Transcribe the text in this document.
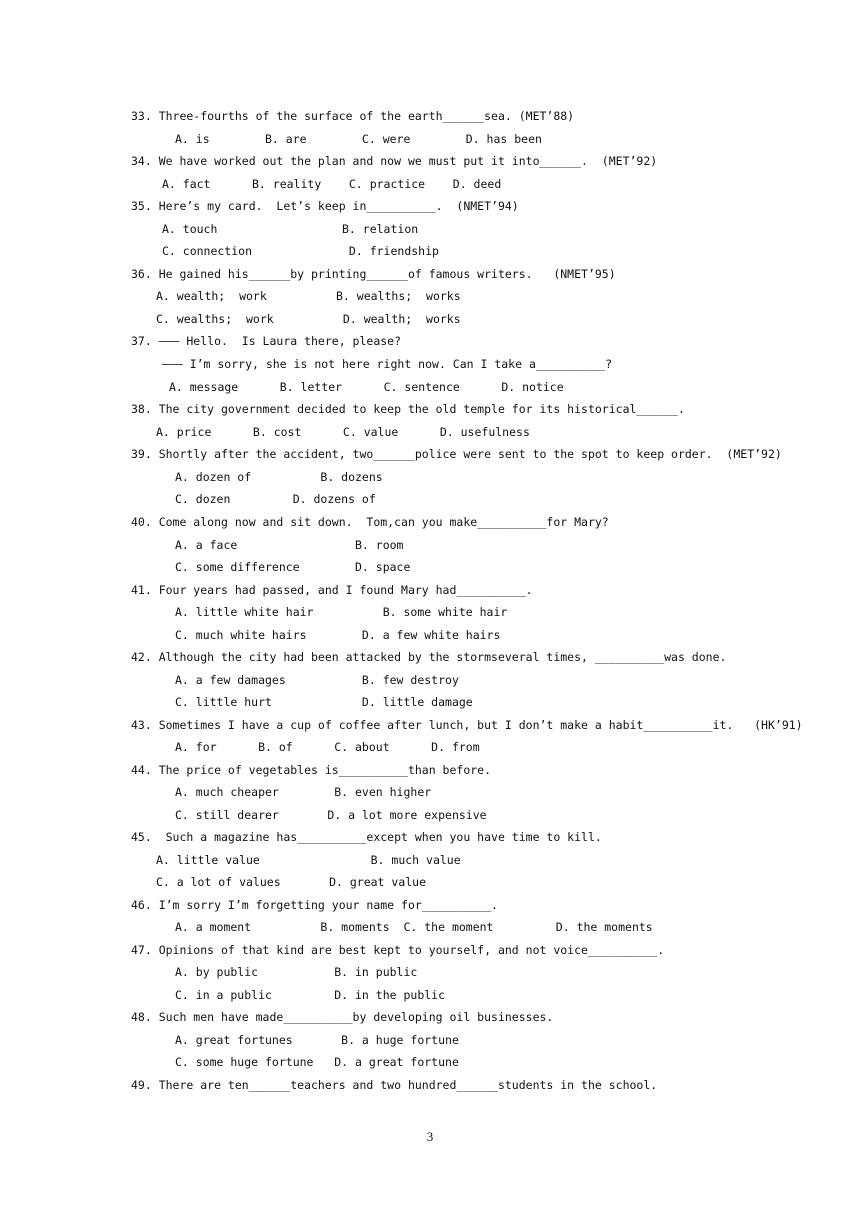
33. Three-fourths of the surface of the earth______sea. (MET’88)
A. is        B. are        C. were        D. has been
34. We have worked out the plan and now we must put it into______.  (MET’92)
A. fact      B. reality    C. practice    D. deed
35. Here’s my card.  Let’s keep in__________.  (NMET’94)
A. touch                  B. relation
C. connection              D. friendship
36. He gained his______by printing______of famous writers.   (NMET’95)
A. wealth;  work          B. wealths;  works
C. wealths;  work          D. wealth;  works
37. ——— Hello.  Is Laura there, please?
——— I’m sorry, she is not here right now. Can I take a__________?
A. message      B. letter      C. sentence      D. notice
38. The city government decided to keep the old temple for its historical______.
A. price      B. cost      C. value      D. usefulness
39. Shortly after the accident, two______police were sent to the spot to keep order.  (MET’92)
A. dozen of          B. dozens
C. dozen         D. dozens of
40. Come along now and sit down.  Tom,can you make__________for Mary?
A. a face                 B. room
C. some difference        D. space
41. Four years had passed, and I found Mary had__________.
A. little white hair          B. some white hair
C. much white hairs        D. a few white hairs
42. Although the city had been attacked by the stormseveral times, __________was done.
A. a few damages           B. few destroy
C. little hurt             D. little damage
43. Sometimes I have a cup of coffee after lunch, but I don’t make a habit__________it.   (HK’91)
A. for      B. of      C. about      D. from
44. The price of vegetables is__________than before.
A. much cheaper        B. even higher
C. still dearer       D. a lot more expensive
45.  Such a magazine has__________except when you have time to kill.
A. little value                B. much value
C. a lot of values       D. great value
46. I’m sorry I’m forgetting your name for__________.
A. a moment          B. moments  C. the moment         D. the moments
47. Opinions of that kind are best kept to yourself, and not voice__________.
A. by public           B. in public
C. in a public         D. in the public
48. Such men have made__________by developing oil businesses.
A. great fortunes       B. a huge fortune
C. some huge fortune   D. a great fortune
49. There are ten______teachers and two hundred______students in the school.
3
